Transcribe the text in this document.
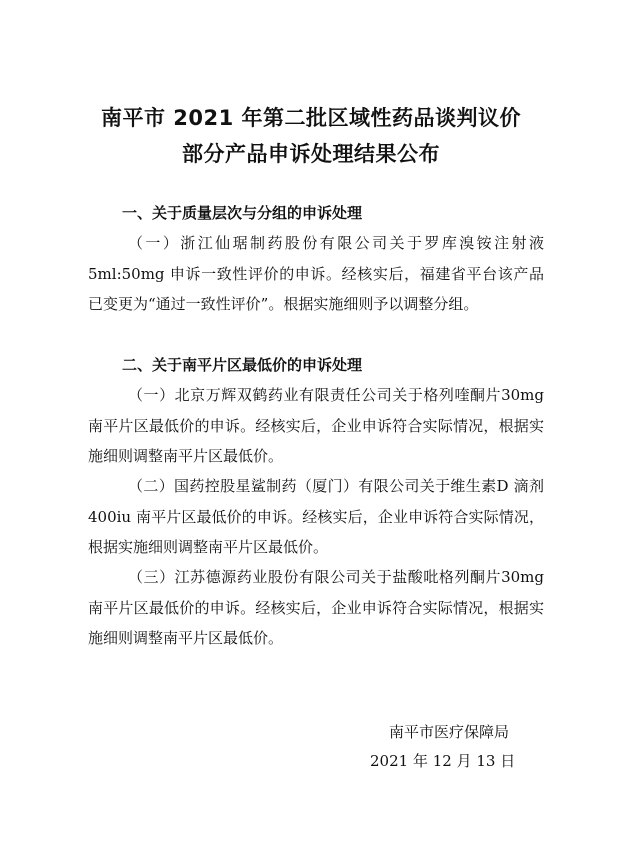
南平市 2021 年第二批区域性药品谈判议价
部分产品申诉处理结果公布
一、关于质量层次与分组的申诉处理

（一）浙江仙琚制药股份有限公司关于罗库溴铵注射液5ml:50mg 申诉一致性评价的申诉。经核实后，福建省平台该产品已变更为“通过一致性评价”。根据实施细则予以调整分组。

二、关于南平片区最低价的申诉处理

（一）北京万辉双鹤药业有限责任公司关于格列喹酮片30mg 南平片区最低价的申诉。经核实后，企业申诉符合实际情况，根据实施细则调整南平片区最低价。

（二）国药控股星鲨制药（厦门）有限公司关于维生素D 滴剂 400iu 南平片区最低价的申诉。经核实后，企业申诉符合实际情况，根据实施细则调整南平片区最低价。

（三）江苏德源药业股份有限公司关于盐酸吡格列酮片30mg 南平片区最低价的申诉。经核实后，企业申诉符合实际情况，根据实施细则调整南平片区最低价。

南平市医疗保障局
2021 年 12 月 13 日
